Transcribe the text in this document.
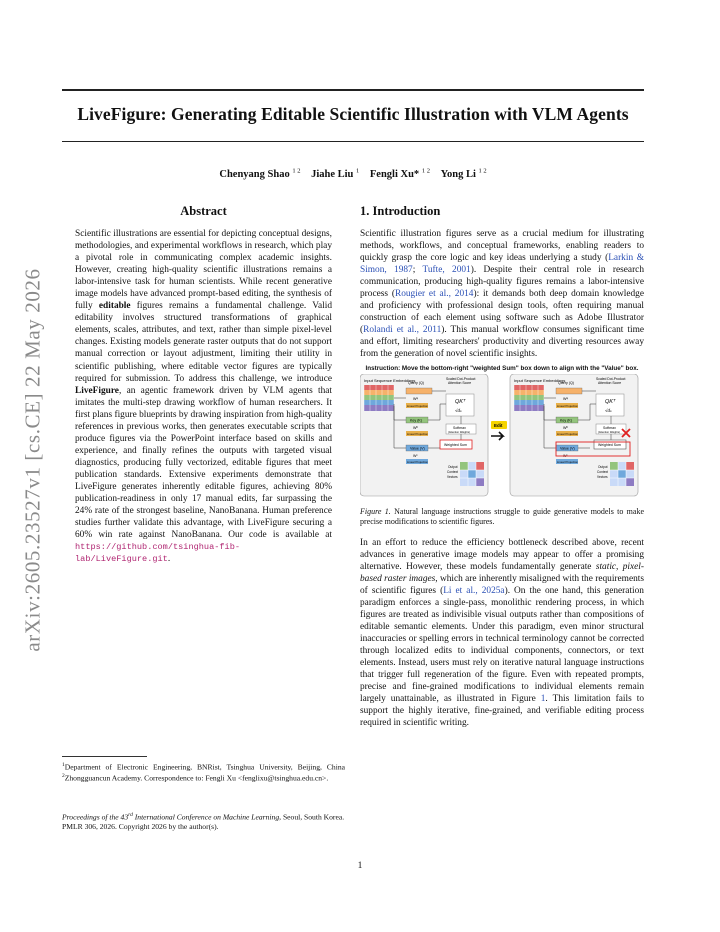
LiveFigure: Generating Editable Scientific Illustration with VLM Agents
Chenyang Shao $^{1 2}$ Jiahe Liu $^1$ Fengli Xu* $^{1 2}$ Yong Li $^{1 2}$
arXiv:2605.23527v1 [cs.CE] 22 May 2026
Abstract

Scientific illustrations are essential for depicting conceptual designs, methodologies, and experimental workflows in research, which play a pivotal role in communicating complex academic insights. However, creating high-quality scientific illustrations remains a labor-intensive task for human scientists. While recent generative image models have advanced prompt-based editing, the synthesis of fully editable figures remains a fundamental challenge. Valid editability involves structured transformations of graphical elements, scales, attributes, and text, rather than simple pixel-level changes. Existing models generate raster outputs that do not support manual correction or layout adjustment, limiting their utility in scientific publishing, where editable vector figures are typically required for submission. To address this challenge, we introduce LiveFigure, an agentic framework driven by VLM agents that imitates the multi-step drawing workflow of human researchers. It first plans figure blueprints by drawing inspiration from high-quality references in previous works, then generates executable scripts that produce figures via the PowerPoint interface based on skills and experience, and finally refines the outputs with targeted visual diagnostics, producing fully vectorized, editable figures that meet publication standards. Extensive experiments demonstrate that LiveFigure generates inherently editable figures, achieving 80% publication-readiness in only 17 manual edits, far surpassing the 24% rate of the strongest baseline, NanoBanana. Human preference studies further validate this advantage, with LiveFigure securing a 60% win rate against NanoBanana. Our code is available at https://github.com/tsinghua-fib-lab/LiveFigure.git.

$^1$Department of Electronic Engineering, BNRist, Tsinghua University, Beijing, China $^2$Zhongguancun Academy. Correspondence to: Fengli Xu <fenglixu@tsinghua.edu.cn>.
Proceedings of the 43rd International Conference on Machine Learning, Seoul, South Korea. PMLR 306, 2026. Copyright 2026 by the author(s).
1. Introduction

Scientific illustration figures serve as a crucial medium for illustrating methods, workflows, and conceptual frameworks, enabling readers to quickly grasp the core logic and key ideas underlying a study (Larkin & Simon, 1987; Tufte, 2001). Despite their central role in research communication, producing high-quality figures remains a labor-intensive process (Rougier et al., 2014): it demands both deep domain knowledge and proficiency with professional design tools, often requiring manual construction of each element using software such as Adobe Illustrator (Rolandi et al., 2011). This manual workflow consumes significant time and effort, limiting researchers' productivity and diverting resources away from the generation of novel scientific insights.

Instruction: Move the bottom-right "weighted Sum" box down to align with the "Value" box.
Input Sequence Embeddings	Scaled Dot-Product
Attention Score
Query (Q)
Wᵠ
Linear Projection
Key (K)
Wᴷ
Linear Projection
Value (V)
Wᵛ
Linear Projection
QKᵀ
√dₖ
Softmax
(Attention Weights)
Weighted Sum
Output
Context
Vectors
Edit
Input Sequence Embeddings	Scaled Dot-Product
Attention Score
Query (Q)
Wᵠ
Linear Projection
Key (K)
Wᴷ
Linear Projection
Value (V)
Wᵛ
Linear Projection
QKᵀ
√dₖ
Softmax
(Attention Weights)
Weighted Sum
Output
Context
Vectors
Figure 1. Natural language instructions struggle to guide generative models to make precise modifications to scientific figures.

In an effort to reduce the efficiency bottleneck described above, recent advances in generative image models may appear to offer a promising alternative. However, these models fundamentally generate static, pixel-based raster images, which are inherently misaligned with the requirements of scientific figures (Li et al., 2025a). On the one hand, this generation paradigm enforces a single-pass, monolithic rendering process, in which figures are treated as indivisible visual outputs rather than compositions of editable semantic elements. Under this paradigm, even minor structural inaccuracies or spelling errors in technical terminology cannot be corrected through localized edits to individual components, connectors, or text elements. Instead, users must rely on iterative natural language instructions that trigger full regeneration of the figure. Even with repeated prompts, precise and fine-grained modifications to individual elements remain largely unattainable, as illustrated in Figure 1. This limitation fails to support the highly iterative, fine-grained, and verifiable editing process required in scientific writing.

1
